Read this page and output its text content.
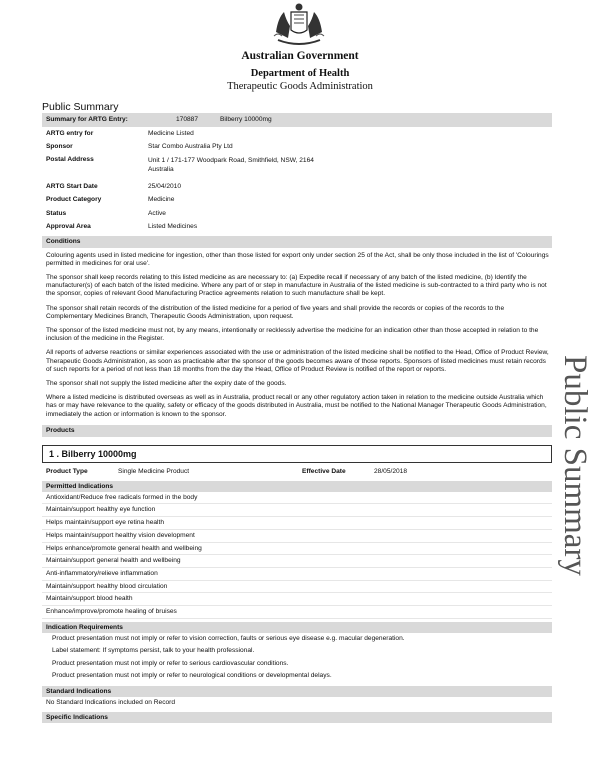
Australian Government
Department of Health
Therapeutic Goods Administration
Public Summary
Summary for ARTG Entry:	170887	Bilberry 10000mg
ARTG entry for	Medicine Listed
Sponsor	Star Combo Australia Pty Ltd
Postal Address	Unit 1 / 171-177 Woodpark Road, Smithfield, NSW, 2164
Australia
ARTG Start Date	25/04/2010
Product Category	Medicine
Status	Active
Approval Area	Listed Medicines
Conditions
Colouring agents used in listed medicine for ingestion, other than those listed for export only under section 25 of the Act, shall be only those included in the list of 'Colourings permitted in medicines for oral use'.
The sponsor shall keep records relating to this listed medicine as are necessary to: (a) Expedite recall if necessary of any batch of the listed medicine, (b) Identify the manufacturer(s) of each batch of the listed medicine. Where any part of or step in manufacture in Australia of the listed medicine is sub-contracted to a third party who is not the sponsor, copies of relevant Good Manufacturing Practice agreements relation to such manufacture shall be kept.
The sponsor shall retain records of the distribution of the listed medicine for a period of five years and shall provide the records or copies of the records to the Complementary Medicines Branch, Therapeutic Goods Administration, upon request.
The sponsor of the listed medicine must not, by any means, intentionally or recklessly advertise the medicine for an indication other than those accepted in relation to the inclusion of the medicine in the Register.
All reports of adverse reactions or similar experiences associated with the use or administration of the listed medicine shall be notified to the Head, Office of Product Review, Therapeutic Goods Administration, as soon as practicable after the sponsor of the goods becomes aware of those reports. Sponsors of listed medicines must retain records of such reports for a period of not less than 18 months from the day the Head, Office of Product Review is notified of the report or reports.
The sponsor shall not supply the listed medicine after the expiry date of the goods.
Where a listed medicine is distributed overseas as well as in Australia, product recall or any other regulatory action taken in relation to the medicine outside Australia which has or may have relevance to the quality, safety or efficacy of the goods distributed in Australia, must be notified to the National Manager Therapeutic Goods Administration, immediately the action or information is known to the sponsor.
Products
1 . Bilberry 10000mg
Product Type	Single Medicine Product	Effective Date	28/05/2018
Permitted Indications
Antioxidant/Reduce free radicals formed in the body
Maintain/support healthy eye function
Helps maintain/support eye retina health
Helps maintain/support healthy vision development
Helps enhance/promote general health and wellbeing
Maintain/support general health and wellbeing
Anti-inflammatory/relieve inflammation
Maintain/support healthy blood circulation
Maintain/support blood health
Enhance/improve/promote healing of bruises
Indication Requirements
Product presentation must not imply or refer to vision correction, faults or serious eye disease e.g. macular degeneration.
Label statement: If symptoms persist, talk to your health professional.
Product presentation must not imply or refer to serious cardiovascular conditions.
Product presentation must not imply or refer to neurological conditions or developmental delays.
Standard Indications
No Standard Indications included on Record
Specific Indications
Public Summary
